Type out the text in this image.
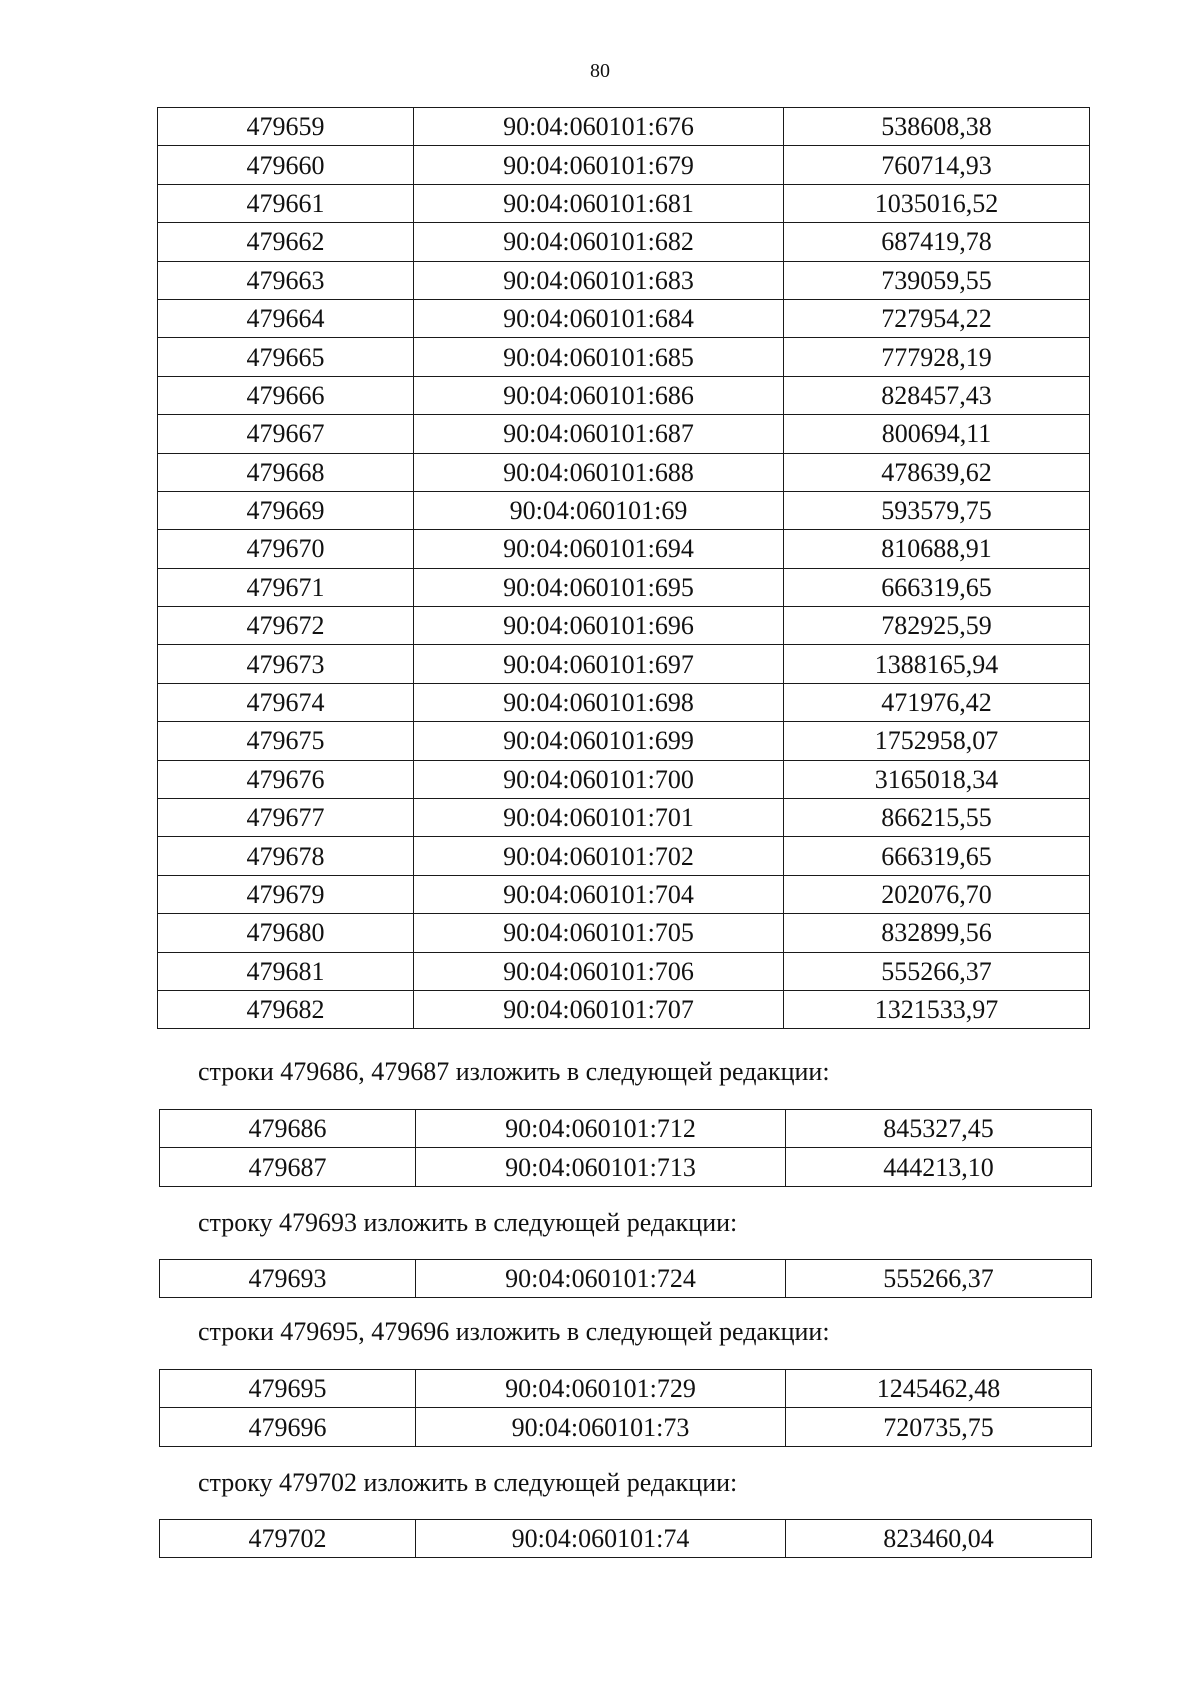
80
479659	90:04:060101:676	538608,38
479660	90:04:060101:679	760714,93
479661	90:04:060101:681	1035016,52
479662	90:04:060101:682	687419,78
479663	90:04:060101:683	739059,55
479664	90:04:060101:684	727954,22
479665	90:04:060101:685	777928,19
479666	90:04:060101:686	828457,43
479667	90:04:060101:687	800694,11
479668	90:04:060101:688	478639,62
479669	90:04:060101:69	593579,75
479670	90:04:060101:694	810688,91
479671	90:04:060101:695	666319,65
479672	90:04:060101:696	782925,59
479673	90:04:060101:697	1388165,94
479674	90:04:060101:698	471976,42
479675	90:04:060101:699	1752958,07
479676	90:04:060101:700	3165018,34
479677	90:04:060101:701	866215,55
479678	90:04:060101:702	666319,65
479679	90:04:060101:704	202076,70
479680	90:04:060101:705	832899,56
479681	90:04:060101:706	555266,37
479682	90:04:060101:707	1321533,97
строки 479686, 479687 изложить в следующей редакции:
479686	90:04:060101:712	845327,45
479687	90:04:060101:713	444213,10
строку 479693 изложить в следующей редакции:
479693	90:04:060101:724	555266,37
строки 479695, 479696 изложить в следующей редакции:
479695	90:04:060101:729	1245462,48
479696	90:04:060101:73	720735,75
строку 479702 изложить в следующей редакции:
479702	90:04:060101:74	823460,04
